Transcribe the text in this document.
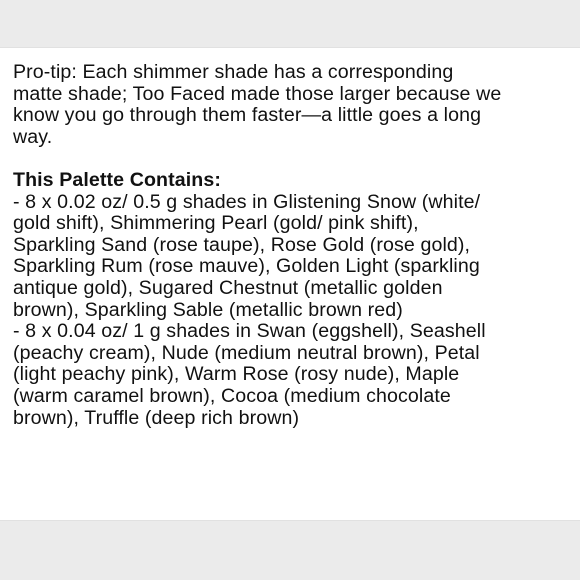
Pro-tip: Each shimmer shade has a corresponding
matte shade; Too Faced made those larger because we
know you go through them faster—a little goes a long
way.
This Palette Contains:
- 8 x 0.02 oz/ 0.5 g shades in Glistening Snow (white/
gold shift), Shimmering Pearl (gold/ pink shift),
Sparkling Sand (rose taupe), Rose Gold (rose gold),
Sparkling Rum (rose mauve), Golden Light (sparkling
antique gold), Sugared Chestnut (metallic golden
brown), Sparkling Sable (metallic brown red)
- 8 x 0.04 oz/ 1 g shades in Swan (eggshell), Seashell
(peachy cream), Nude (medium neutral brown), Petal
(light peachy pink), Warm Rose (rosy nude), Maple
(warm caramel brown), Cocoa (medium chocolate
brown), Truffle (deep rich brown)
